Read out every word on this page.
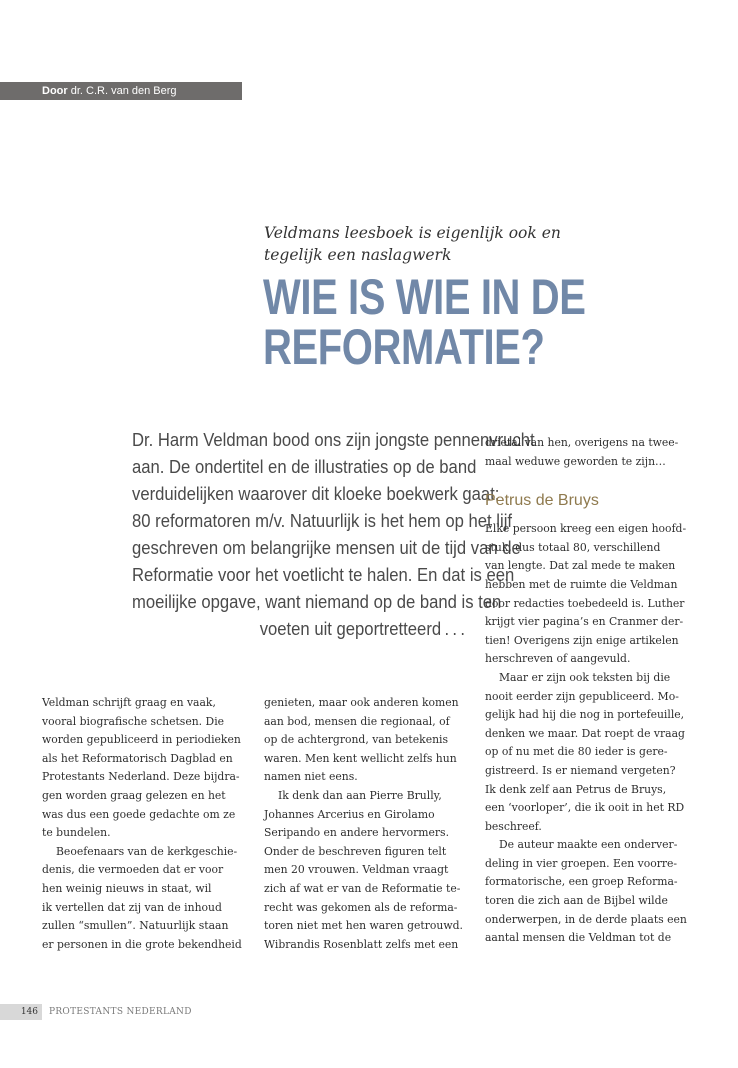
Door dr. C.R. van den Berg
Veldmans leesboek is eigenlijk ook en
tegelijk een naslagwerk
WIE IS WIE IN DE
REFORMATIE?
Dr. Harm Veldman bood ons zijn jongste pennenvrucht
aan. De ondertitel en de illustraties op de band
verduidelijken waarover dit kloeke boekwerk gaat:
80 reformatoren m/v. Natuurlijk is het hem op het lijf
geschreven om belangrijke mensen uit de tijd van de
Reformatie voor het voetlicht te halen. En dat is een
moeilijke opgave, want niemand op de band is ten
voeten uit geportretteerd . . .
Veldman schrijft graag en vaak,
vooral biografische schetsen. Die
worden gepubliceerd in periodieken
als het Reformatorisch Dagblad en
Protestants Nederland. Deze bijdra-
gen worden graag gelezen en het
was dus een goede gedachte om ze
te bundelen.
Beoefenaars van de kerkgeschie-
denis, die vermoeden dat er voor
hen weinig nieuws in staat, wil
ik vertellen dat zij van de inhoud
zullen “smullen”. Natuurlijk staan
er personen in die grote bekendheid
genieten, maar ook anderen komen
aan bod, mensen die regionaal, of
op de achtergrond, van betekenis
waren. Men kent wellicht zelfs hun
namen niet eens.
Ik denk dan aan Pierre Brully,
Johannes Arcerius en Girolamo
Seripando en andere hervormers.
Onder de beschreven figuren telt
men 20 vrouwen. Veldman vraagt
zich af wat er van de Reformatie te-
recht was gekomen als de reforma-
toren niet met hen waren getrouwd.
Wibrandis Rosenblatt zelfs met een
drietal van hen, overigens na twee-
maal weduwe geworden te zijn…
Petrus de Bruys
Elke persoon kreeg een eigen hoofd-
stuk, dus totaal 80, verschillend
van lengte. Dat zal mede te maken
hebben met de ruimte die Veldman
door redacties toebedeeld is. Luther
krijgt vier pagina’s en Cranmer der-
tien! Overigens zijn enige artikelen
herschreven of aangevuld.
Maar er zijn ook teksten bij die
nooit eerder zijn gepubliceerd. Mo-
gelijk had hij die nog in portefeuille,
denken we maar. Dat roept de vraag
op of nu met die 80 ieder is gere-
gistreerd. Is er niemand vergeten?
Ik denk zelf aan Petrus de Bruys,
een ‘voorloper’, die ik ooit in het RD
beschreef.
De auteur maakte een onderver-
deling in vier groepen. Een voorre-
formatorische, een groep Reforma-
toren die zich aan de Bijbel wilde
onderwerpen, in de derde plaats een
aantal mensen die Veldman tot de
146	PROTESTANTS NEDERLAND
